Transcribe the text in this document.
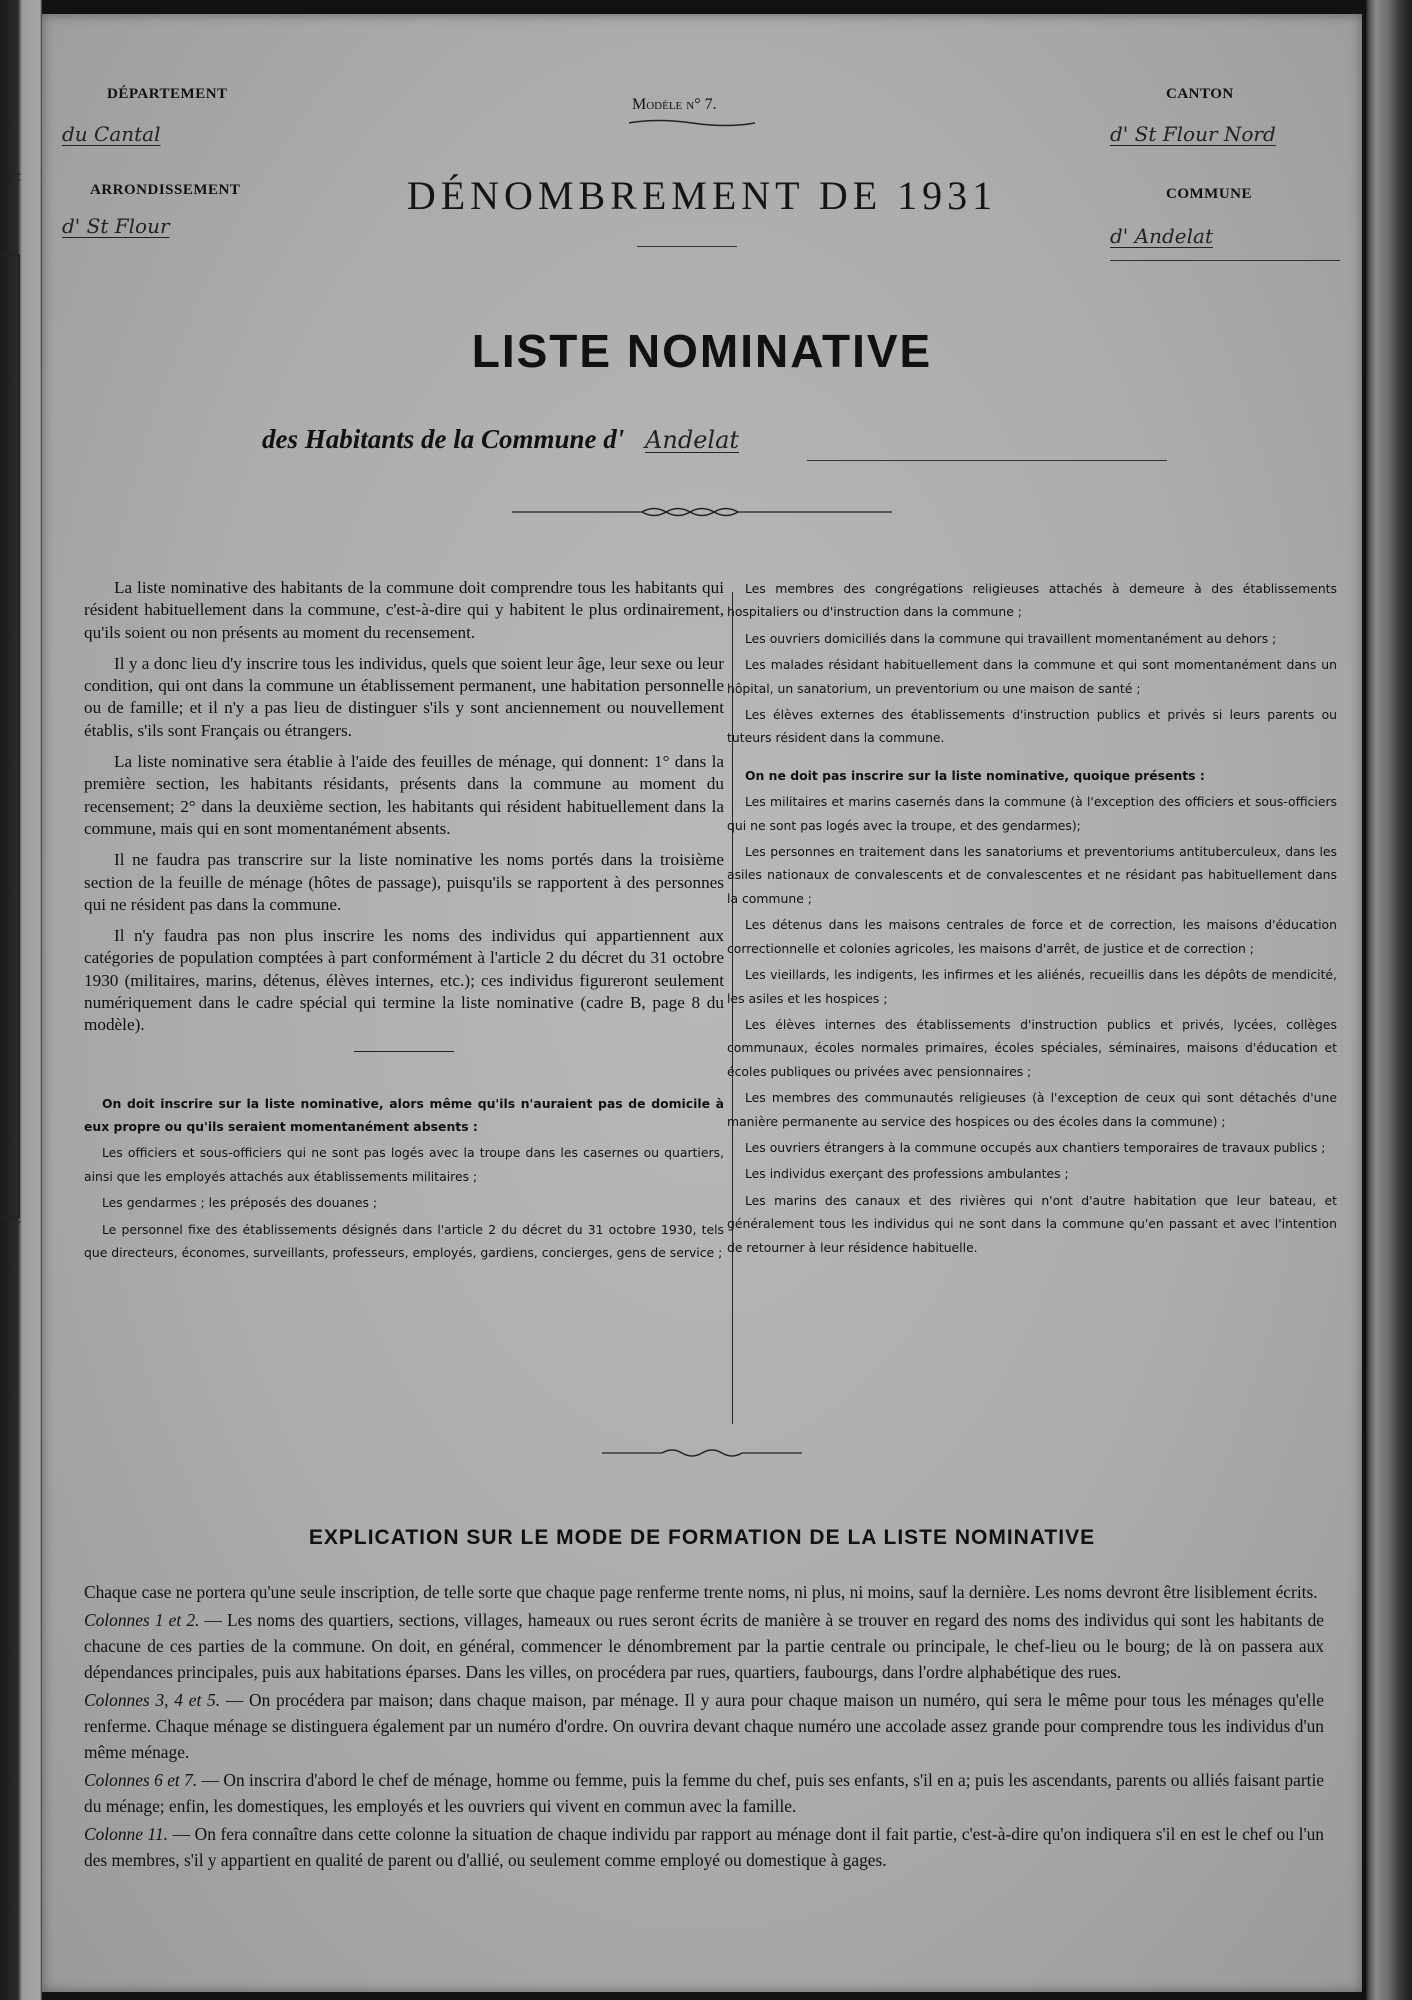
art
nc.
DÉPARTEMENT
du Cantal
Modèle n° 7.
CANTON
d' St Flour Nord
ARRONDISSEMENT
d' St Flour
COMMUNE
d' Andelat
DÉNOMBREMENT DE 1931
LISTE NOMINATIVE
des Habitants de la Commune d' Andelat

La liste nominative des habitants de la commune doit comprendre tous les habitants qui résident habituellement dans la commune, c'est-à-dire qui y habitent le plus ordinairement, qu'ils soient ou non présents au moment du recensement.

Il y a donc lieu d'y inscrire tous les individus, quels que soient leur âge, leur sexe ou leur condition, qui ont dans la commune un établissement permanent, une habitation personnelle ou de famille; et il n'y a pas lieu de distinguer s'ils y sont anciennement ou nouvellement établis, s'ils sont Français ou étrangers.

La liste nominative sera établie à l'aide des feuilles de ménage, qui donnent: 1° dans la première section, les habitants résidants, présents dans la commune au moment du recensement; 2° dans la deuxième section, les habitants qui résident habituellement dans la commune, mais qui en sont momentanément absents.

Il ne faudra pas transcrire sur la liste nominative les noms portés dans la troisième section de la feuille de ménage (hôtes de passage), puisqu'ils se rapportent à des personnes qui ne résident pas dans la commune.

Il n'y faudra pas non plus inscrire les noms des individus qui appartiennent aux catégories de population comptées à part conformément à l'article 2 du décret du 31 octobre 1930 (militaires, marins, détenus, élèves internes, etc.); ces individus figureront seulement numériquement dans le cadre spécial qui termine la liste nominative (cadre B, page 8 du modèle).

On doit inscrire sur la liste nominative, alors même qu'ils n'auraient pas de domicile à eux propre ou qu'ils seraient momentanément absents :

Les officiers et sous-officiers qui ne sont pas logés avec la troupe dans les casernes ou quartiers, ainsi que les employés attachés aux établissements militaires ;

Les gendarmes ; les préposés des douanes ;

Le personnel fixe des établissements désignés dans l'article 2 du décret du 31 octobre 1930, tels que directeurs, économes, surveillants, professeurs, employés, gardiens, concierges, gens de service ;

Les membres des congrégations religieuses attachés à demeure à des établissements hospitaliers ou d'instruction dans la commune ;

Les ouvriers domiciliés dans la commune qui travaillent momentanément au dehors ;

Les malades résidant habituellement dans la commune et qui sont momentanément dans un hôpital, un sanatorium, un preventorium ou une maison de santé ;

Les élèves externes des établissements d'instruction publics et privés si leurs parents ou tuteurs résident dans la commune.

On ne doit pas inscrire sur la liste nominative, quoique présents :

Les militaires et marins casernés dans la commune (à l'exception des officiers et sous-officiers qui ne sont pas logés avec la troupe, et des gendarmes);

Les personnes en traitement dans les sanatoriums et preventoriums antituberculeux, dans les asiles nationaux de convalescents et de convalescentes et ne résidant pas habituellement dans la commune ;

Les détenus dans les maisons centrales de force et de correction, les maisons d'éducation correctionnelle et colonies agricoles, les maisons d'arrêt, de justice et de correction ;

Les vieillards, les indigents, les infirmes et les aliénés, recueillis dans les dépôts de mendicité, les asiles et les hospices ;

Les élèves internes des établissements d'instruction publics et privés, lycées, collèges communaux, écoles normales primaires, écoles spéciales, séminaires, maisons d'éducation et écoles publiques ou privées avec pensionnaires ;

Les membres des communautés religieuses (à l'exception de ceux qui sont détachés d'une manière permanente au service des hospices ou des écoles dans la commune) ;

Les ouvriers étrangers à la commune occupés aux chantiers temporaires de travaux publics ;

Les individus exerçant des professions ambulantes ;

Les marins des canaux et des rivières qui n'ont d'autre habitation que leur bateau, et généralement tous les individus qui ne sont dans la commune qu'en passant et avec l'intention de retourner à leur résidence habituelle.

EXPLICATION SUR LE MODE DE FORMATION DE LA LISTE NOMINATIVE

Chaque case ne portera qu'une seule inscription, de telle sorte que chaque page renferme trente noms, ni plus, ni moins, sauf la dernière. Les noms devront être lisiblement écrits.

Colonnes 1 et 2. — Les noms des quartiers, sections, villages, hameaux ou rues seront écrits de manière à se trouver en regard des noms des individus qui sont les habitants de chacune de ces parties de la commune. On doit, en général, commencer le dénombrement par la partie centrale ou principale, le chef-lieu ou le bourg; de là on passera aux dépendances principales, puis aux habitations éparses. Dans les villes, on procédera par rues, quartiers, faubourgs, dans l'ordre alphabétique des rues.

Colonnes 3, 4 et 5. — On procédera par maison; dans chaque maison, par ménage. Il y aura pour chaque maison un numéro, qui sera le même pour tous les ménages qu'elle renferme. Chaque ménage se distinguera également par un numéro d'ordre. On ouvrira devant chaque numéro une accolade assez grande pour comprendre tous les individus d'un même ménage.

Colonnes 6 et 7. — On inscrira d'abord le chef de ménage, homme ou femme, puis la femme du chef, puis ses enfants, s'il en a; puis les ascendants, parents ou alliés faisant partie du ménage; enfin, les domestiques, les employés et les ouvriers qui vivent en commun avec la famille.

Colonne 11. — On fera connaître dans cette colonne la situation de chaque individu par rapport au ménage dont il fait partie, c'est-à-dire qu'on indiquera s'il en est le chef ou l'un des membres, s'il y appartient en qualité de parent ou d'allié, ou seulement comme employé ou domestique à gages.
